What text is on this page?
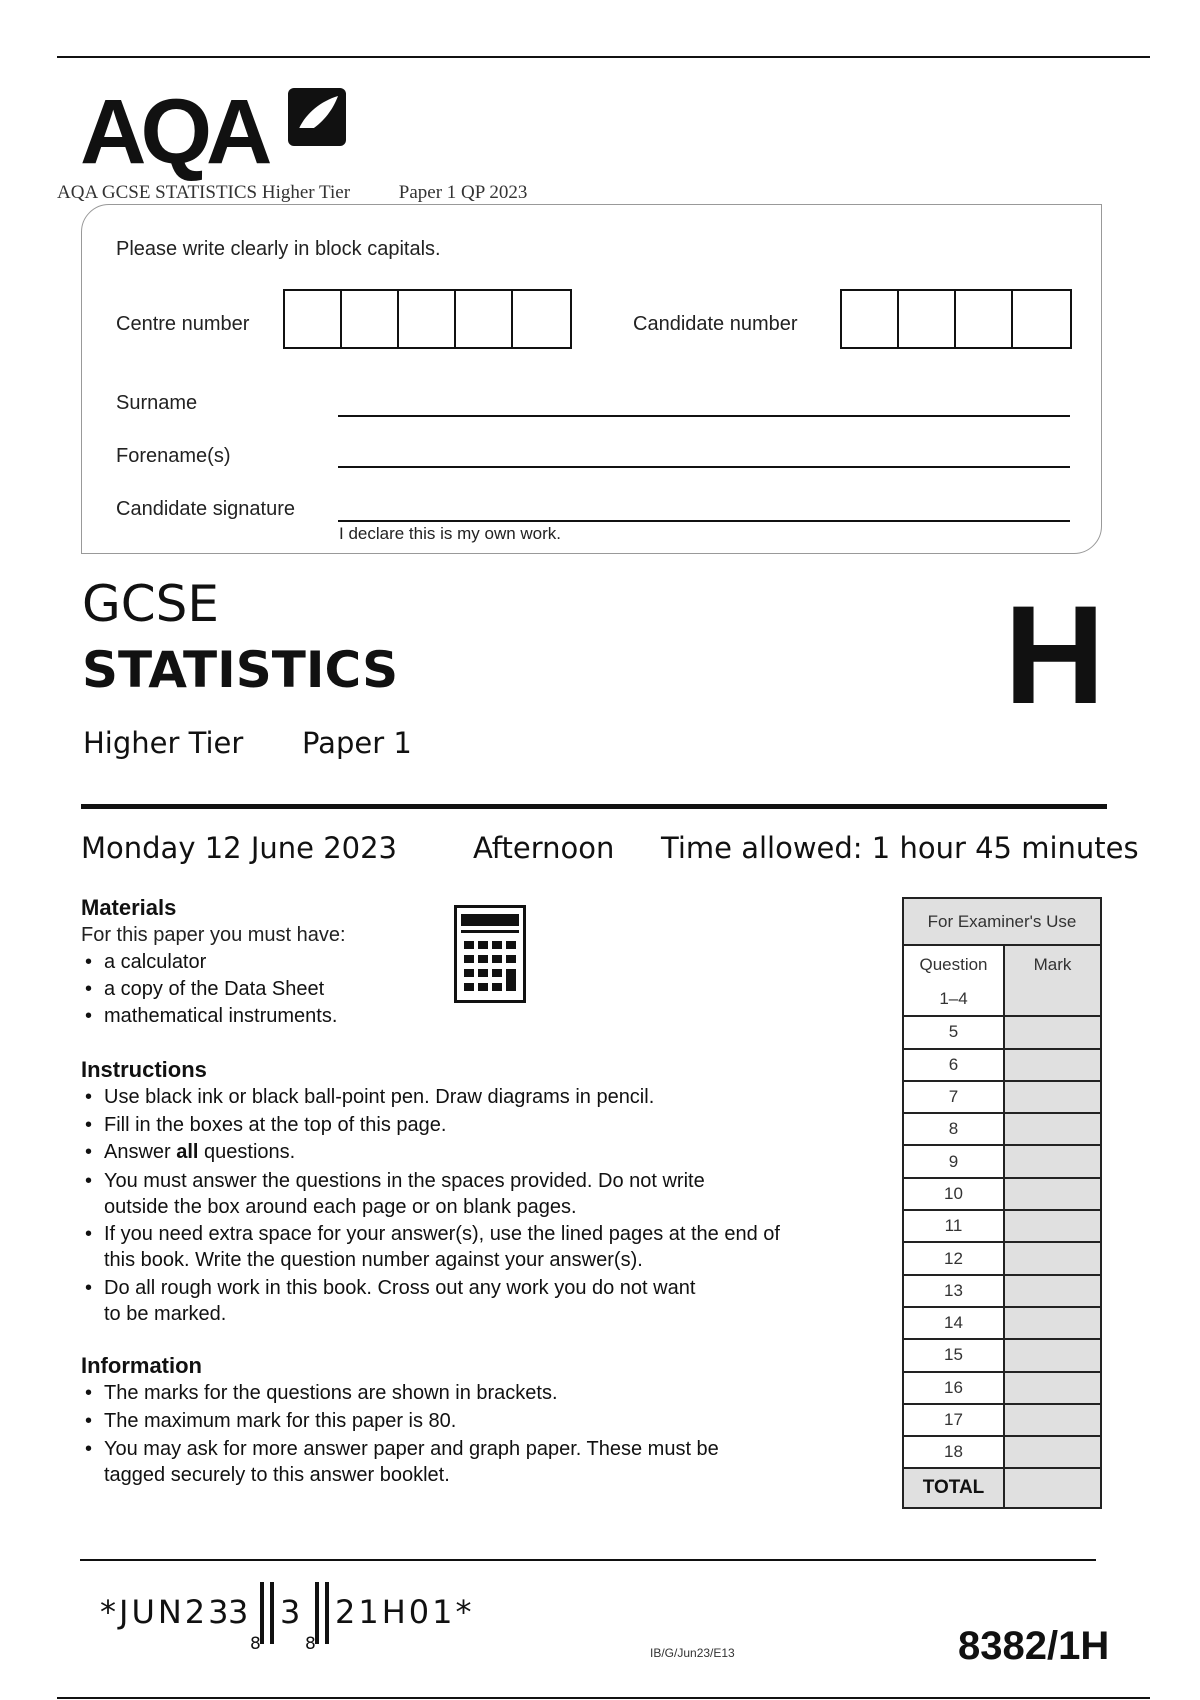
AQA
AQA GCSE STATISTICS Higher Tier	Paper 1 QP 2023
Please write clearly in block capitals.
Centre number	Candidate number
Surname
Forename(s)
Candidate signature
I declare this is my own work.
GCSE
STATISTICS
Higher Tier Paper 1
H
Monday 12 June 2023	Afternoon Time allowed: 1 hour 45 minutes
Materials
For this paper you must have:
• a calculator
• a copy of the Data Sheet
• mathematical instruments.
Instructions
• Use black ink or black ball-point pen. Draw diagrams in pencil.
• Fill in the boxes at the top of this page.
• Answer all questions.
• You must answer the questions in the spaces provided. Do not write
outside the box around each page or on blank pages.
• If you need extra space for your answer(s), use the lined pages at the end of
this book. Write the question number against your answer(s).
• Do all rough work in this book. Cross out any work you do not want
to be marked.
Information
• The marks for the questions are shown in brackets.
• The maximum mark for this paper is 80.
• You may ask for more answer paper and graph paper. These must be
tagged securely to this answer booklet.
For Examiner's Use
Question	Mark
1–4
5
6
7
8
9
10
11
12
13
14
15
16
17
18
TOTAL
*JUN23
8
3
8
3 21H01*
IB/G/Jun23/E13	8382/1H
